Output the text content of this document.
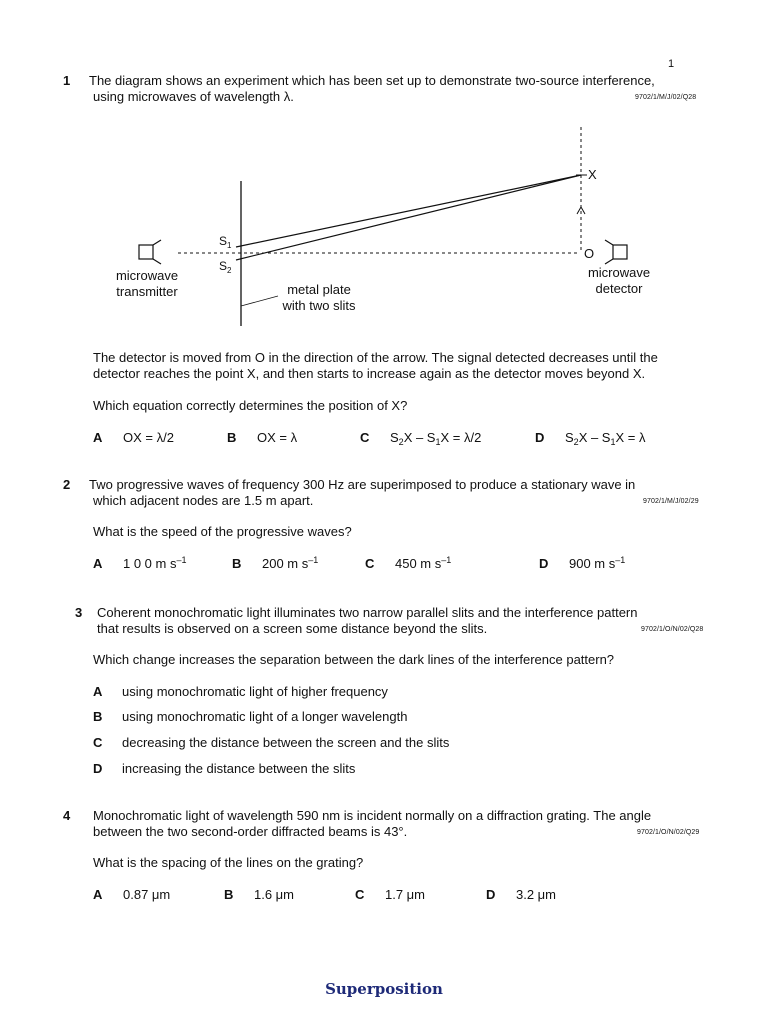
1
1 The diagram shows an experiment which has been set up to demonstrate two-source interference,
using microwaves of wavelength λ.	9702/1/M/J/02/Q28
X
O
$S_1$
$S_2$
microwave
transmitter
microwave
detector
metal plate
with two slits
The detector is moved from O in the direction of the arrow. The signal detected decreases until the
detector reaches the point X, and then starts to increase again as the detector moves beyond X.
Which equation correctly determines the position of X?
A OX = λ/2	B OX = λ	C $S_2X - S_1X = \lambda/2$	D $S_2X - S_1X = \lambda$
2 Two progressive waves of frequency 300 Hz are superimposed to produce a stationary wave in
which adjacent nodes are 1.5 m apart.	9702/1/M/J/02/29
What is the speed of the progressive waves?
A 1 0 0 m $s^{-1}$	B 200 m $s^{-1}$	C 450 m $s^{-1}$	D 900 m $s^{-1}$
3 Coherent monochromatic light illuminates two narrow parallel slits and the interference pattern
that results is observed on a screen some distance beyond the slits.	9702/1/O/N/02/Q28
Which change increases the separation between the dark lines of the interference pattern?
A using monochromatic light of higher frequency
B using monochromatic light of a longer wavelength
C decreasing the distance between the screen and the slits
D increasing the distance between the slits
4 Monochromatic light of wavelength 590 nm is incident normally on a diffraction grating. The angle
between the two second-order diffracted beams is 43°.	9702/1/O/N/02/Q29
What is the spacing of the lines on the grating?
A 0.87 μm	B 1.6 μm	C 1.7 μm	D 3.2 μm
Superposition
